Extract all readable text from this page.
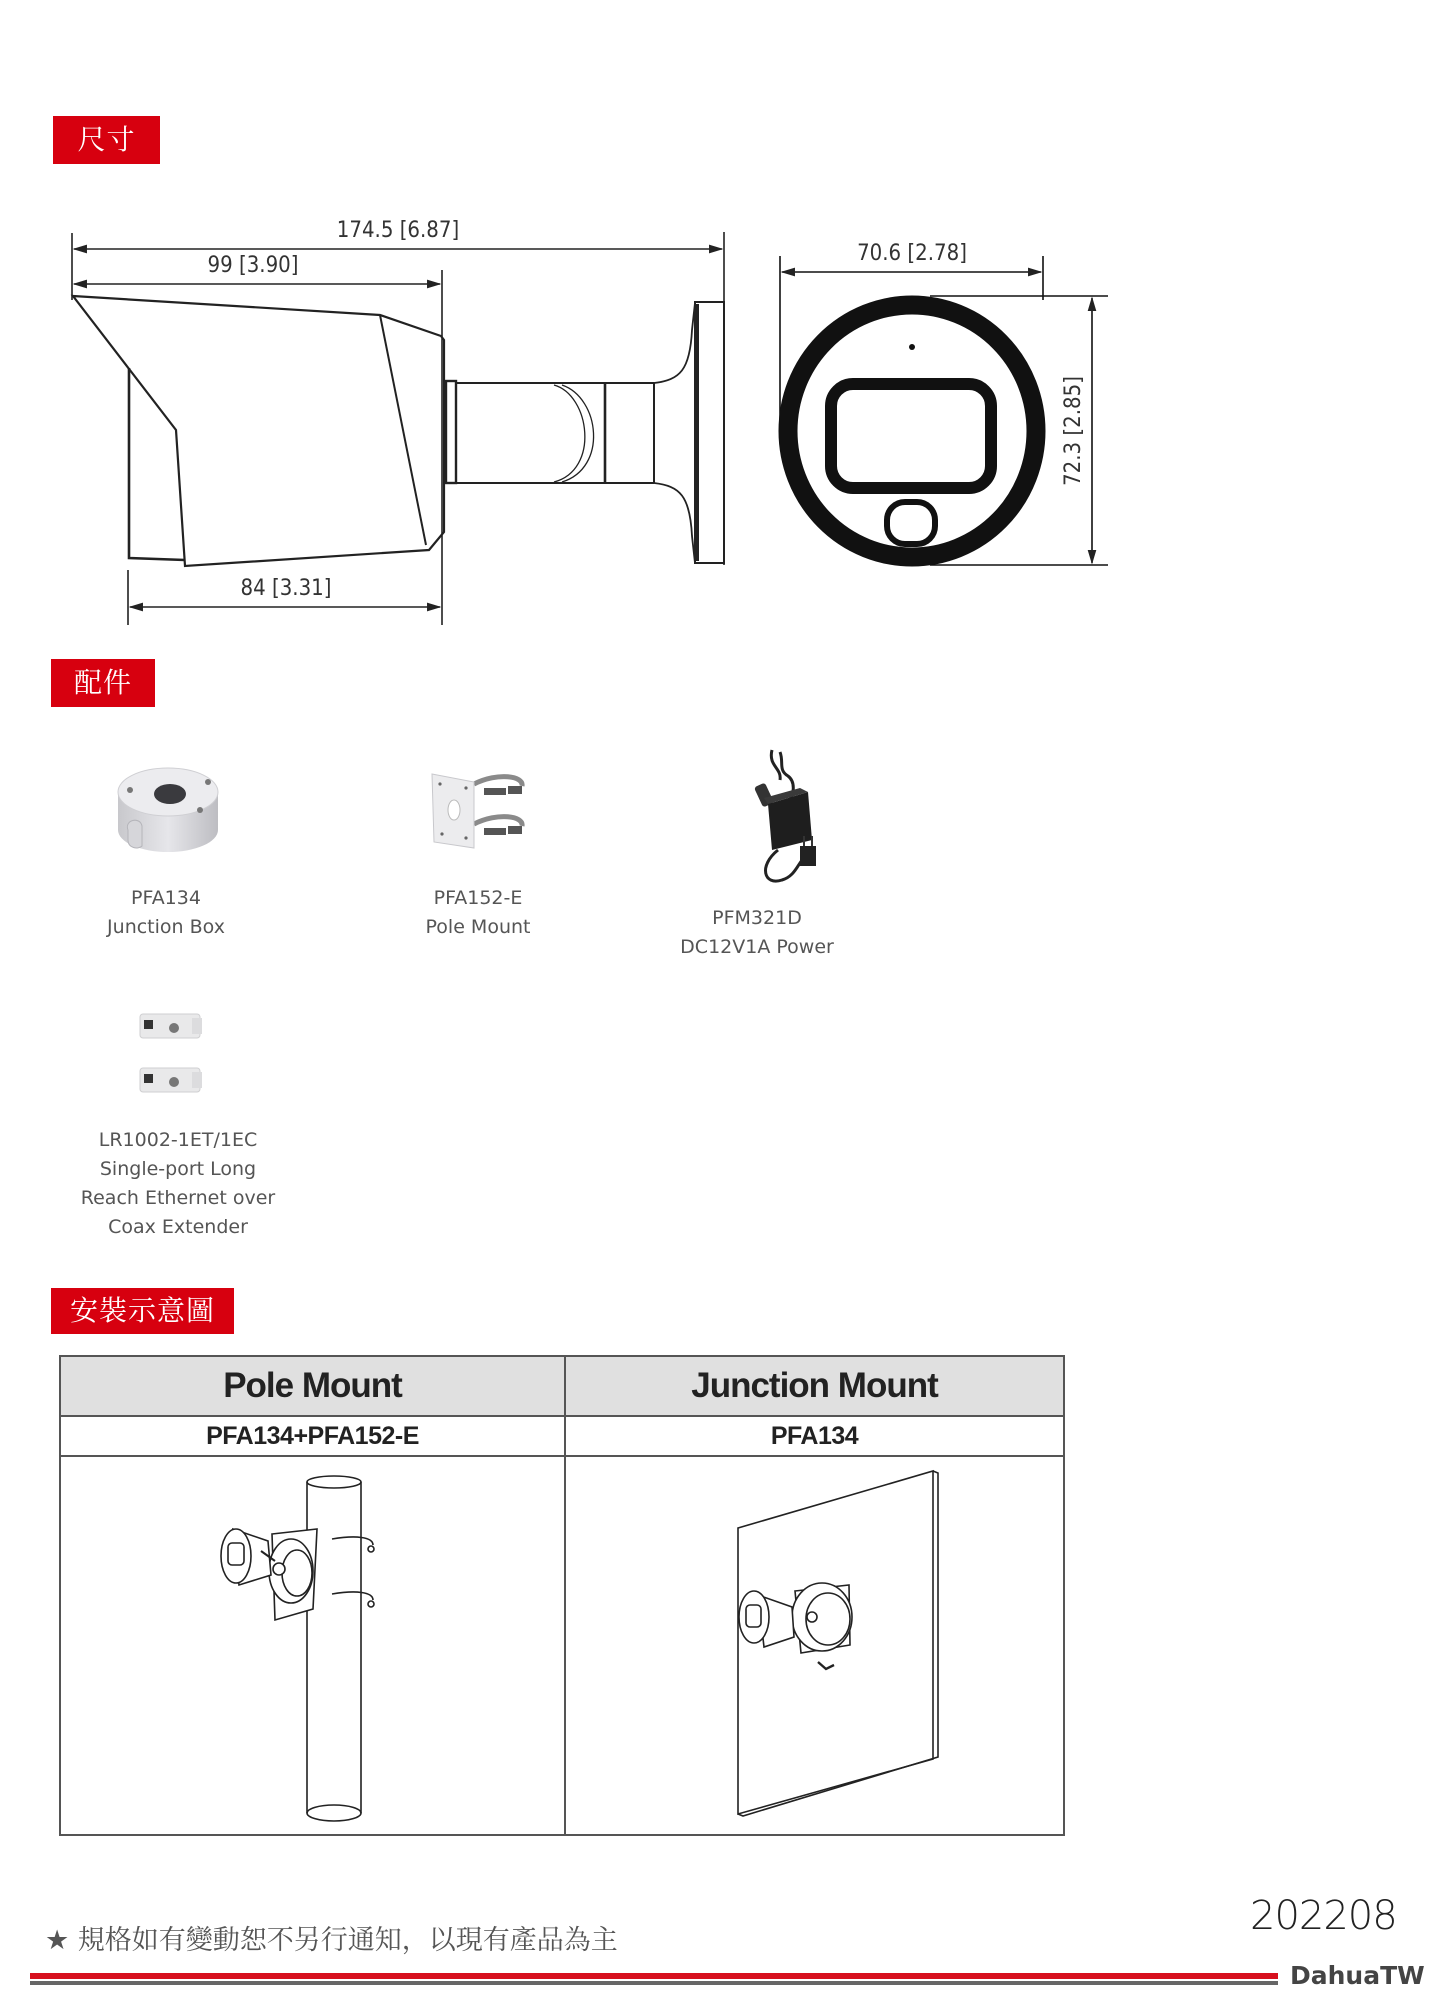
尺寸
174.5 [6.87]
99 [3.90]
84 [3.31]
70.6 [2.78]
72.3 [2.85]
配件
PFA134
Junction Box
PFA152-E
Pole Mount	PFM321D
DC12V1A Power
LR1002-1ET/1EC
Single-port Long
Reach Ethernet over
Coax Extender
安裝示意圖
Pole Mount	Junction Mount
PFA134+PFA152-E	PFA134

★ 規格如有變動恕不另行通知，以現有產品為主
202208
DahuaTW
